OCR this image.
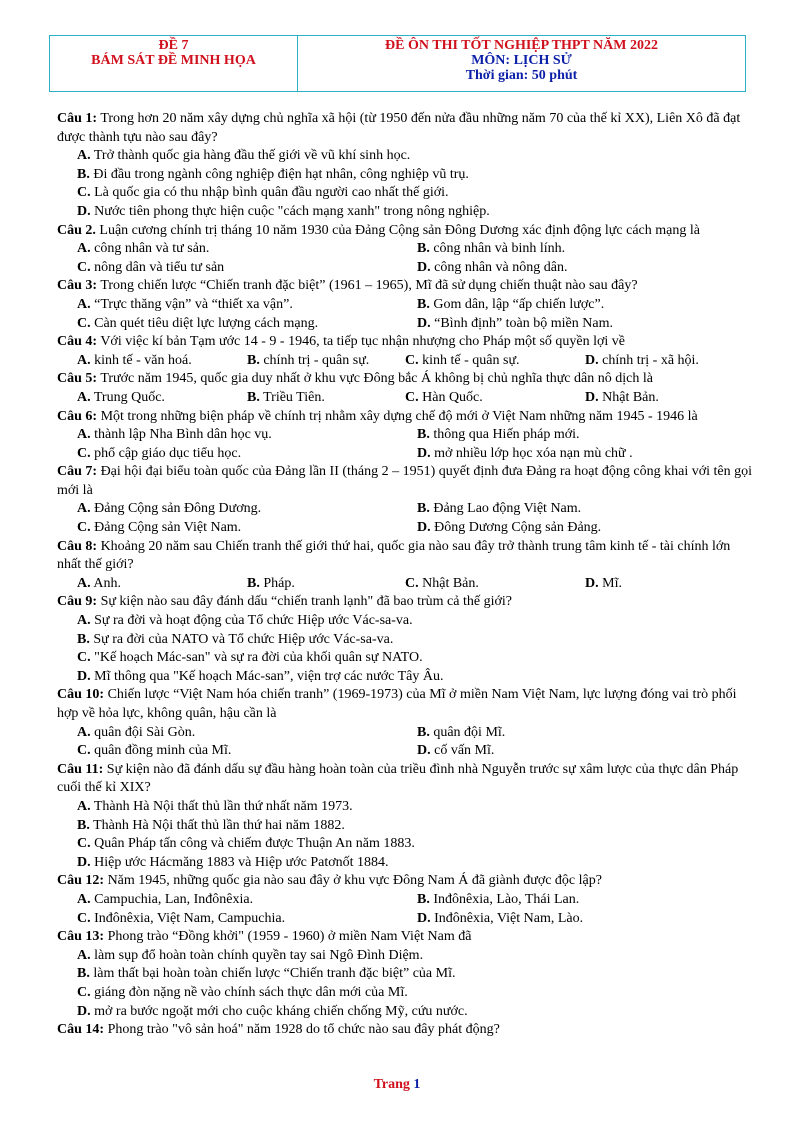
ĐỀ 7
BÁM SÁT ĐỀ MINH HỌA
ĐỀ ÔN THI TỐT NGHIỆP THPT NĂM 2022
MÔN: LỊCH SỬ
Thời gian: 50 phút

Câu 1: Trong hơn 20 năm xây dựng chủ nghĩa xã hội (từ 1950 đến nửa đầu những năm 70 của thế kỉ XX), Liên Xô đã đạt được thành tựu nào sau đây?

A. Trở thành quốc gia hàng đầu thế giới về vũ khí sinh học.
B. Đi đầu trong ngành công nghiệp điện hạt nhân, công nghiệp vũ trụ.
C. Là quốc gia có thu nhập bình quân đầu người cao nhất thế giới.
D. Nước tiên phong thực hiện cuộc "cách mạng xanh" trong nông nghiệp.

Câu 2. Luận cương chính trị tháng 10 năm 1930 của Đảng Cộng sản Đông Dương xác định động lực cách mạng là

A. công nhân và tư sản.	B. công nhân và binh lính.
C. nông dân và tiểu tư sản	D. công nhân và nông dân.

Câu 3: Trong chiến lược “Chiến tranh đặc biệt” (1961 – 1965), Mĩ đã sử dụng chiến thuật nào sau đây?

A. “Trực thăng vận” và “thiết xa vận”.	B. Gom dân, lập “ấp chiến lược”.
C. Càn quét tiêu diệt lực lượng cách mạng.	D. “Bình định” toàn bộ miền Nam.

Câu 4: Với việc kí bản Tạm ước 14 - 9 - 1946, ta tiếp tục nhận nhượng cho Pháp một số quyền lợi về

A. kinh tế - văn hoá.	B. chính trị - quân sự.	C. kinh tế - quân sự.	D. chính trị - xã hội.

Câu 5: Trước năm 1945, quốc gia duy nhất ở khu vực Đông bắc Á không bị chủ nghĩa thực dân nô dịch là

A. Trung Quốc.	B. Triều Tiên.	C. Hàn Quốc.	D. Nhật Bản.

Câu 6: Một trong những biện pháp về chính trị nhằm xây dựng chế độ mới ở Việt Nam những năm 1945 - 1946 là

A. thành lập Nha Bình dân học vụ.	B. thông qua Hiến pháp mới.
C. phổ cập giáo dục tiểu học.	D. mở nhiều lớp học xóa nạn mù chữ .

Câu 7: Đại hội đại biểu toàn quốc của Đảng lần II (tháng 2 – 1951) quyết định đưa Đảng ra hoạt động công khai với tên gọi mới là

A. Đảng Cộng sản Đông Dương.	B. Đảng Lao động Việt Nam.
C. Đảng Cộng sản Việt Nam.	D. Đông Dương Cộng sản Đảng.

Câu 8: Khoảng 20 năm sau Chiến tranh thế giới thứ hai, quốc gia nào sau đây trở thành trung tâm kinh tế - tài chính lớn nhất thế giới?

A. Anh.	B. Pháp.	C. Nhật Bản.	D. Mĩ.

Câu 9: Sự kiện nào sau đây đánh dấu “chiến tranh lạnh" đã bao trùm cả thế giới?

A. Sự ra đời và hoạt động của Tổ chức Hiệp ước Vác-sa-va.
B. Sự ra đời của NATO và Tổ chức Hiệp ước Vác-sa-va.
C. "Kế hoạch Mác-san" và sự ra đời của khối quân sự NATO.
D. Mĩ thông qua "Kế hoạch Mác-san”, viện trợ các nước Tây Âu.

Câu 10: Chiến lược “Việt Nam hóa chiến tranh” (1969-1973) của Mĩ ở miền Nam Việt Nam, lực lượng đóng vai trò phối hợp về hỏa lực, không quân, hậu cần là

A. quân đội Sài Gòn.	B. quân đội Mĩ.
C. quân đồng minh của Mĩ.	D. cố vấn Mĩ.

Câu 11: Sự kiện nào đã đánh dấu sự đầu hàng hoàn toàn của triều đình nhà Nguyễn trước sự xâm lược của thực dân Pháp cuối thế kỉ XIX?

A. Thành Hà Nội thất thủ lần thứ nhất năm 1973.
B. Thành Hà Nội thất thủ lần thứ hai năm 1882.
C. Quân Pháp tấn công và chiếm được Thuận An năm 1883.
D. Hiệp ước Hácmăng 1883 và Hiệp ước Patơnốt 1884.

Câu 12: Năm 1945, những quốc gia nào sau đây ở khu vực Đông Nam Á đã giành được độc lập?

A. Campuchia, Lan, Inđônêxia.	B. Inđônêxia, Lào, Thái Lan.
C. Inđônêxia, Việt Nam, Campuchia.	D. Inđônêxia, Việt Nam, Lào.

Câu 13: Phong trào “Đồng khởi" (1959 - 1960) ở miền Nam Việt Nam đã

A. làm sụp đổ hoàn toàn chính quyền tay sai Ngô Đình Diệm.
B. làm thất bại hoàn toàn chiến lược “Chiến tranh đặc biệt” của Mĩ.
C. giáng đòn nặng nề vào chính sách thực dân mới của Mĩ.
D. mở ra bước ngoặt mới cho cuộc kháng chiến chống Mỹ, cứu nước.

Câu 14: Phong trào "vô sản hoá" năm 1928 do tổ chức nào sau đây phát động?

Trang 1
